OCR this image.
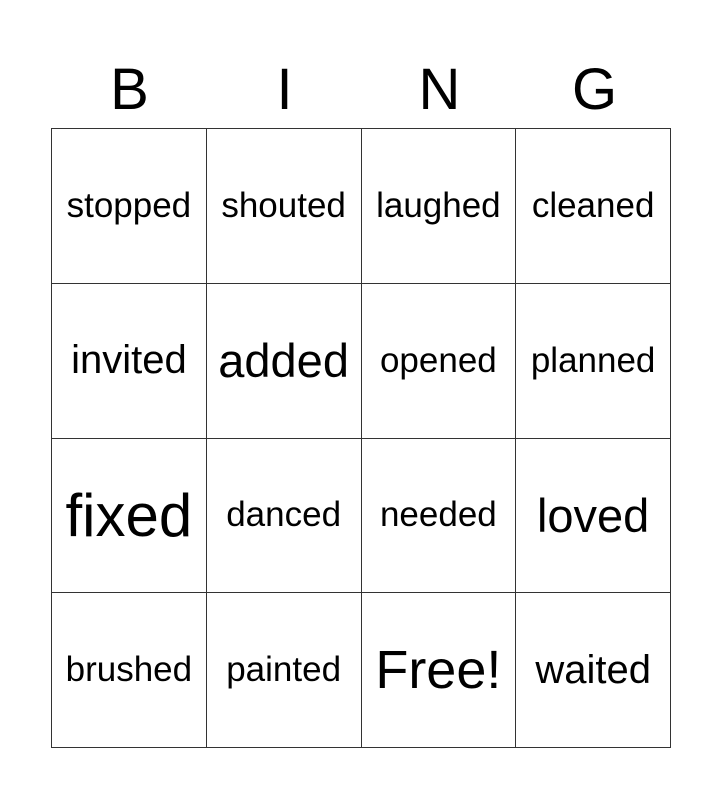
B	I	N	G
stopped shouted laughed cleaned
invited added opened planned
fixed danced	needed loved
brushed painted Free! waited
